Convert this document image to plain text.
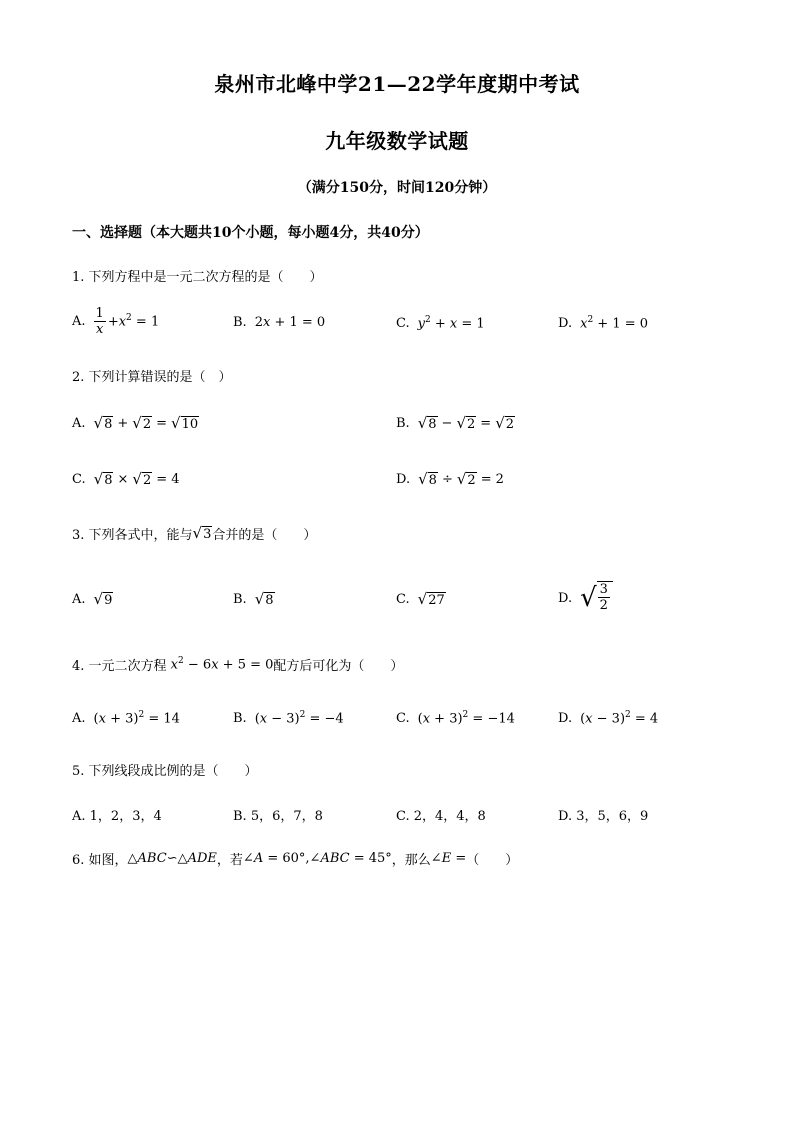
泉州市北峰中学21—22学年度期中考试
九年级数学试题
（满分150分，时间120分钟）
一、选择题（本大题共10个小题，每小题4分，共40分）
1. 下列方程中是一元二次方程的是（　　）
A. $\frac{1}{x} +x^2 = 1$	B. 2x + 1 = 0	C. $y^2 + x = 1$	D. $x^2 + 1 = 0$
2. 下列计算错误的是（　）
A. √ 8 + √ 2 = √ 10	B. √ 8 − √ 2 = √ 2
C. √ 8 × √ 2 = 4	D. √ 8 ÷ √ 2 = 2
3. 下列各式中，能与 √ 3 合并的是（　　）
A. √ 9	B. √ 8	C. √ 27	D. √ $\frac{3}{2}$
4. 一元二次方程 $x^2 - 6x + 5 = 0$ 配方后可化为（　　）
A. $(x + 3)^2 = 14$	B. $(x - 3)^2 = -4$	C. $(x + 3)^2 = -14$	D. $(x - 3)^2 = 4$
5. 下列线段成比例的是（　　）
A. 1，2，3，4	B. 5，6，7，8	C. 2，4，4，8	D. 3，5，6，9
6. 如图， △ABC∽△ADE ，若 ∠A = 60°,∠ABC = 45° ，那么 ∠E = （　　）
